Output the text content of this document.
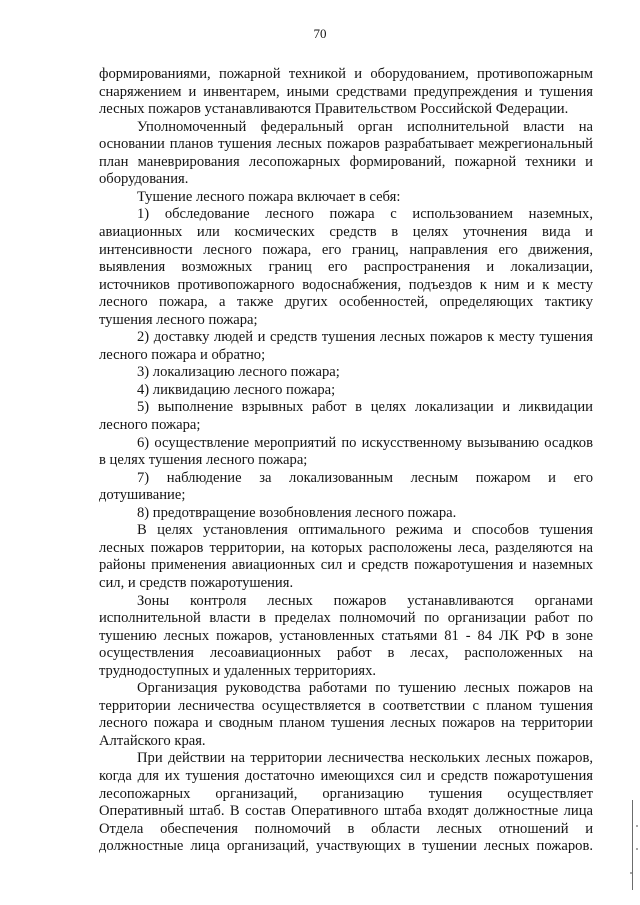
70
формированиями, пожарной техникой и оборудованием, противопожарным
снаряжением и инвентарем, иными средствами предупреждения и тушения
лесных пожаров устанавливаются Правительством Российской Федерации.
Уполномоченный федеральный орган исполнительной власти на
основании планов тушения лесных пожаров разрабатывает межрегиональный
план маневрирования лесопожарных формирований, пожарной техники и
оборудования.
Тушение лесного пожара включает в себя:
1) обследование лесного пожара с использованием наземных,
авиационных или космических средств в целях уточнения вида и
интенсивности лесного пожара, его границ, направления его движения,
выявления возможных границ его распространения и локализации,
источников противопожарного водоснабжения, подъездов к ним и к месту
лесного пожара, а также других особенностей, определяющих тактику
тушения лесного пожара;
2) доставку людей и средств тушения лесных пожаров к месту тушения
лесного пожара и обратно;
3) локализацию лесного пожара;
4) ликвидацию лесного пожара;
5) выполнение взрывных работ в целях локализации и ликвидации
лесного пожара;
6) осуществление мероприятий по искусственному вызыванию осадков
в целях тушения лесного пожара;
7) наблюдение за локализованным лесным пожаром и его
дотушивание;
8) предотвращение возобновления лесного пожара.
В целях установления оптимального режима и способов тушения
лесных пожаров территории, на которых расположены леса, разделяются на
районы применения авиационных сил и средств пожаротушения и наземных
сил, и средств пожаротушения.
Зоны контроля лесных пожаров устанавливаются органами
исполнительной власти в пределах полномочий по организации работ по
тушению лесных пожаров, установленных статьями 81 - 84 ЛК РФ в зоне
осуществления лесоавиационных работ в лесах, расположенных на
труднодоступных и удаленных территориях.
Организация руководства работами по тушению лесных пожаров на
территории лесничества осуществляется в соответствии с планом тушения
лесного пожара и сводным планом тушения лесных пожаров на территории
Алтайского края.
При действии на территории лесничества нескольких лесных пожаров,
когда для их тушения достаточно имеющихся сил и средств пожаротушения
лесопожарных организаций, организацию тушения осуществляет
Оперативный штаб. В состав Оперативного штаба входят должностные лица
Отдела обеспечения полномочий в области лесных отношений и
должностные лица организаций, участвующих в тушении лесных пожаров.
